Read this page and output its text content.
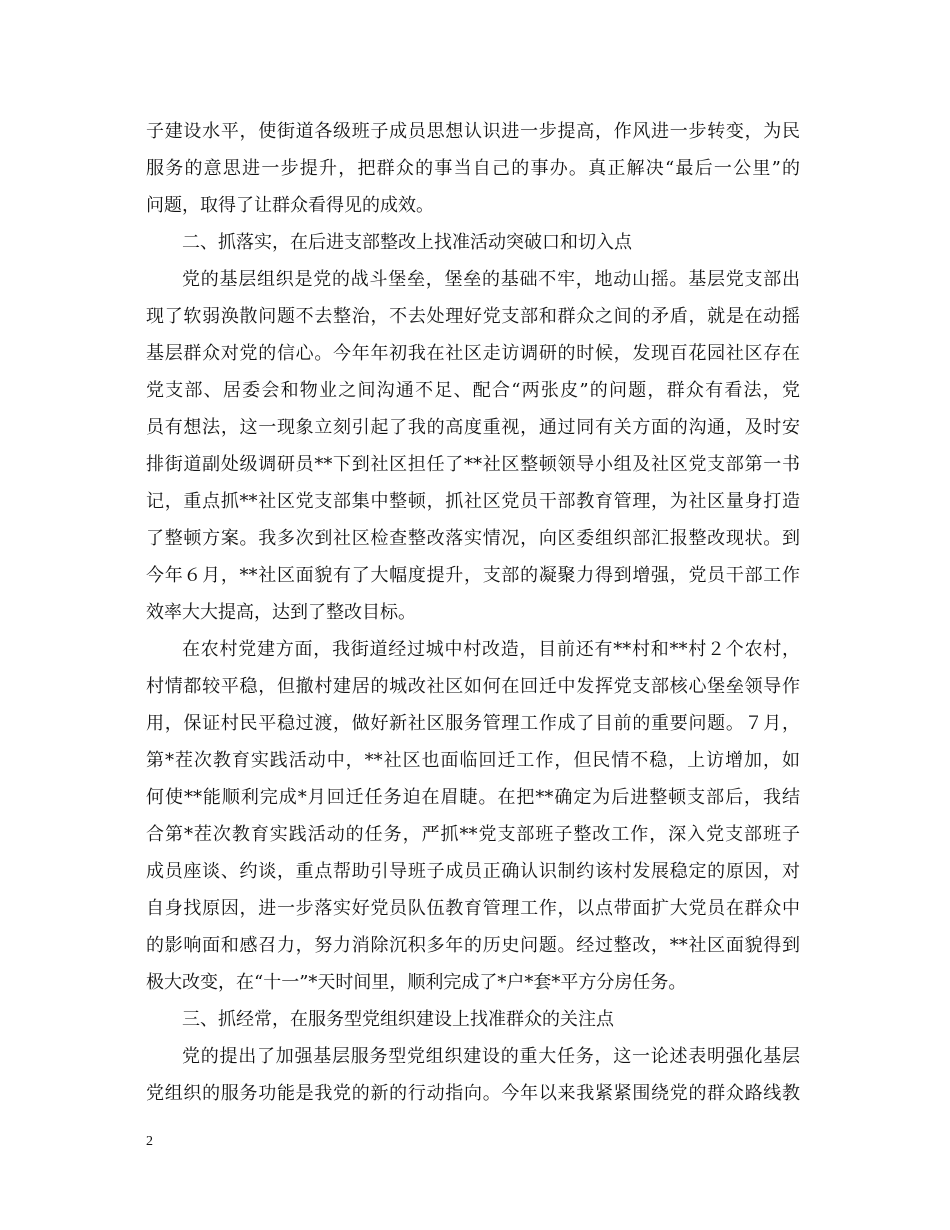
子建设水平，使街道各级班子成员思想认识进一步提高，作风进一步转变，为民
服务的意思进一步提升，把群众的事当自己的事办。真正解决“最后一公里”的
问题，取得了让群众看得见的成效。
二、抓落实，在后进支部整改上找准活动突破口和切入点
党的基层组织是党的战斗堡垒，堡垒的基础不牢，地动山摇。基层党支部出
现了软弱涣散问题不去整治，不去处理好党支部和群众之间的矛盾，就是在动摇
基层群众对党的信心。今年年初我在社区走访调研的时候，发现百花园社区存在
党支部、居委会和物业之间沟通不足、配合“两张皮”的问题，群众有看法，党
员有想法，这一现象立刻引起了我的高度重视，通过同有关方面的沟通，及时安
排街道副处级调研员**下到社区担任了**社区整顿领导小组及社区党支部第一书
记，重点抓**社区党支部集中整顿，抓社区党员干部教育管理，为社区量身打造
了整顿方案。我多次到社区检查整改落实情况，向区委组织部汇报整改现状。到
今年６月，**社区面貌有了大幅度提升，支部的凝聚力得到增强，党员干部工作
效率大大提高，达到了整改目标。
在农村党建方面，我街道经过城中村改造，目前还有**村和**村２个农村，
村情都较平稳，但撤村建居的城改社区如何在回迁中发挥党支部核心堡垒领导作
用，保证村民平稳过渡，做好新社区服务管理工作成了目前的重要问题。７月，
第*茬次教育实践活动中，**社区也面临回迁工作，但民情不稳，上访增加，如
何使**能顺利完成*月回迁任务迫在眉睫。在把**确定为后进整顿支部后，我结
合第*茬次教育实践活动的任务，严抓**党支部班子整改工作，深入党支部班子
成员座谈、约谈，重点帮助引导班子成员正确认识制约该村发展稳定的原因，对
自身找原因，进一步落实好党员队伍教育管理工作，以点带面扩大党员在群众中
的影响面和感召力，努力消除沉积多年的历史问题。经过整改，**社区面貌得到
极大改变，在“十一”*天时间里，顺利完成了*户*套*平方分房任务。
三、抓经常，在服务型党组织建设上找准群众的关注点
党的提出了加强基层服务型党组织建设的重大任务，这一论述表明强化基层
党组织的服务功能是我党的新的行动指向。今年以来我紧紧围绕党的群众路线教
2
